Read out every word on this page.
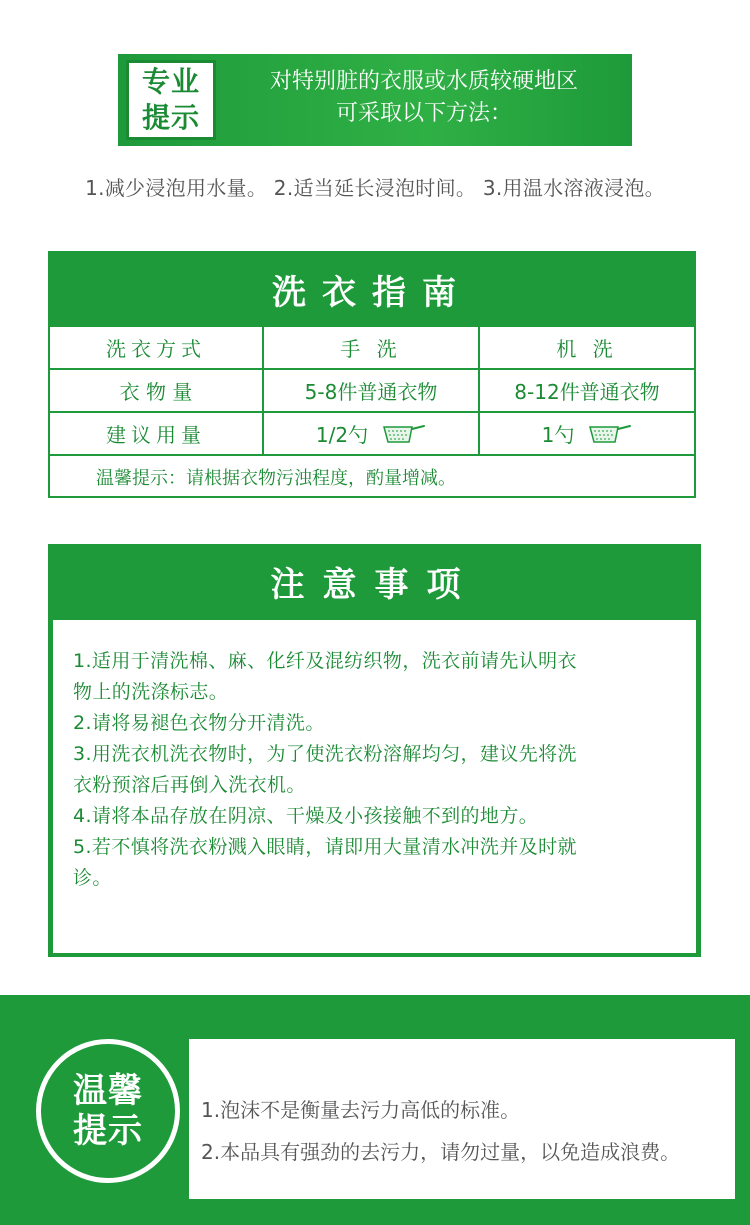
专业
提示
对特别脏的衣服或水质较硬地区
可采取以下方法：
1.减少浸泡用水量。 2.适当延长浸泡时间。 3.用温水溶液浸泡。
洗衣指南
洗衣方式	手 洗	机 洗
衣 物 量	5-8件普通衣物	8-12件普通衣物
建议用量	1/2勺	1勺
温馨提示：请根据衣物污浊程度，酌量增减。
注意事项
1.适用于清洗棉、麻、化纤及混纺织物，洗衣前请先认明衣
物上的洗涤标志。
2.请将易褪色衣物分开清洗。
3.用洗衣机洗衣物时，为了使洗衣粉溶解均匀，建议先将洗
衣粉预溶后再倒入洗衣机。
4.请将本品存放在阴凉、干燥及小孩接触不到的地方。
5.若不慎将洗衣粉溅入眼睛，请即用大量清水冲洗并及时就
诊。
温馨
提示
1.泡沫不是衡量去污力高低的标准。
2.本品具有强劲的去污力，请勿过量，以免造成浪费。
